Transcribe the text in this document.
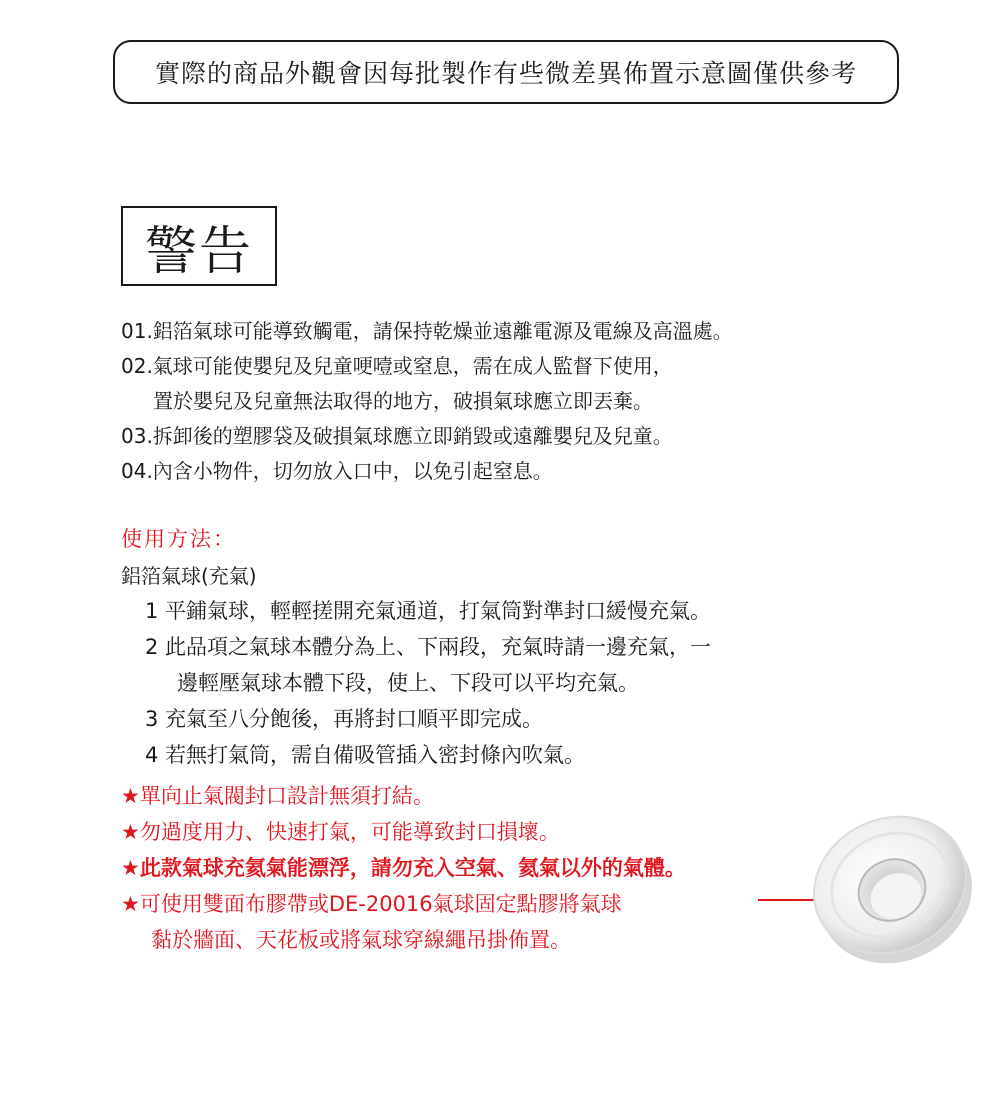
實際的商品外觀會因每批製作有些微差異佈置示意圖僅供參考
警告
01.鋁箔氣球可能導致觸電，請保持乾燥並遠離電源及電線及高溫處。
02.氣球可能使嬰兒及兒童哽噎或窒息，需在成人監督下使用，
置於嬰兒及兒童無法取得的地方，破損氣球應立即丟棄。
03.拆卸後的塑膠袋及破損氣球應立即銷毀或遠離嬰兒及兒童。
04.內含小物件，切勿放入口中，以免引起窒息。
使用方法：
鋁箔氣球(充氣)
1 平鋪氣球，輕輕搓開充氣通道，打氣筒對準封口緩慢充氣。
2 此品項之氣球本體分為上、下兩段，充氣時請一邊充氣，一
邊輕壓氣球本體下段，使上、下段可以平均充氣。
3 充氣至八分飽後，再將封口順平即完成。
4 若無打氣筒，需自備吸管插入密封條內吹氣。
★單向止氣閥封口設計無須打結。
★勿過度用力、快速打氣，可能導致封口損壞。
★此款氣球充氦氣能漂浮，請勿充入空氣、氦氣以外的氣體。
★可使用雙面布膠帶或DE-20016氣球固定點膠將氣球
黏於牆面、天花板或將氣球穿線繩吊掛佈置。
